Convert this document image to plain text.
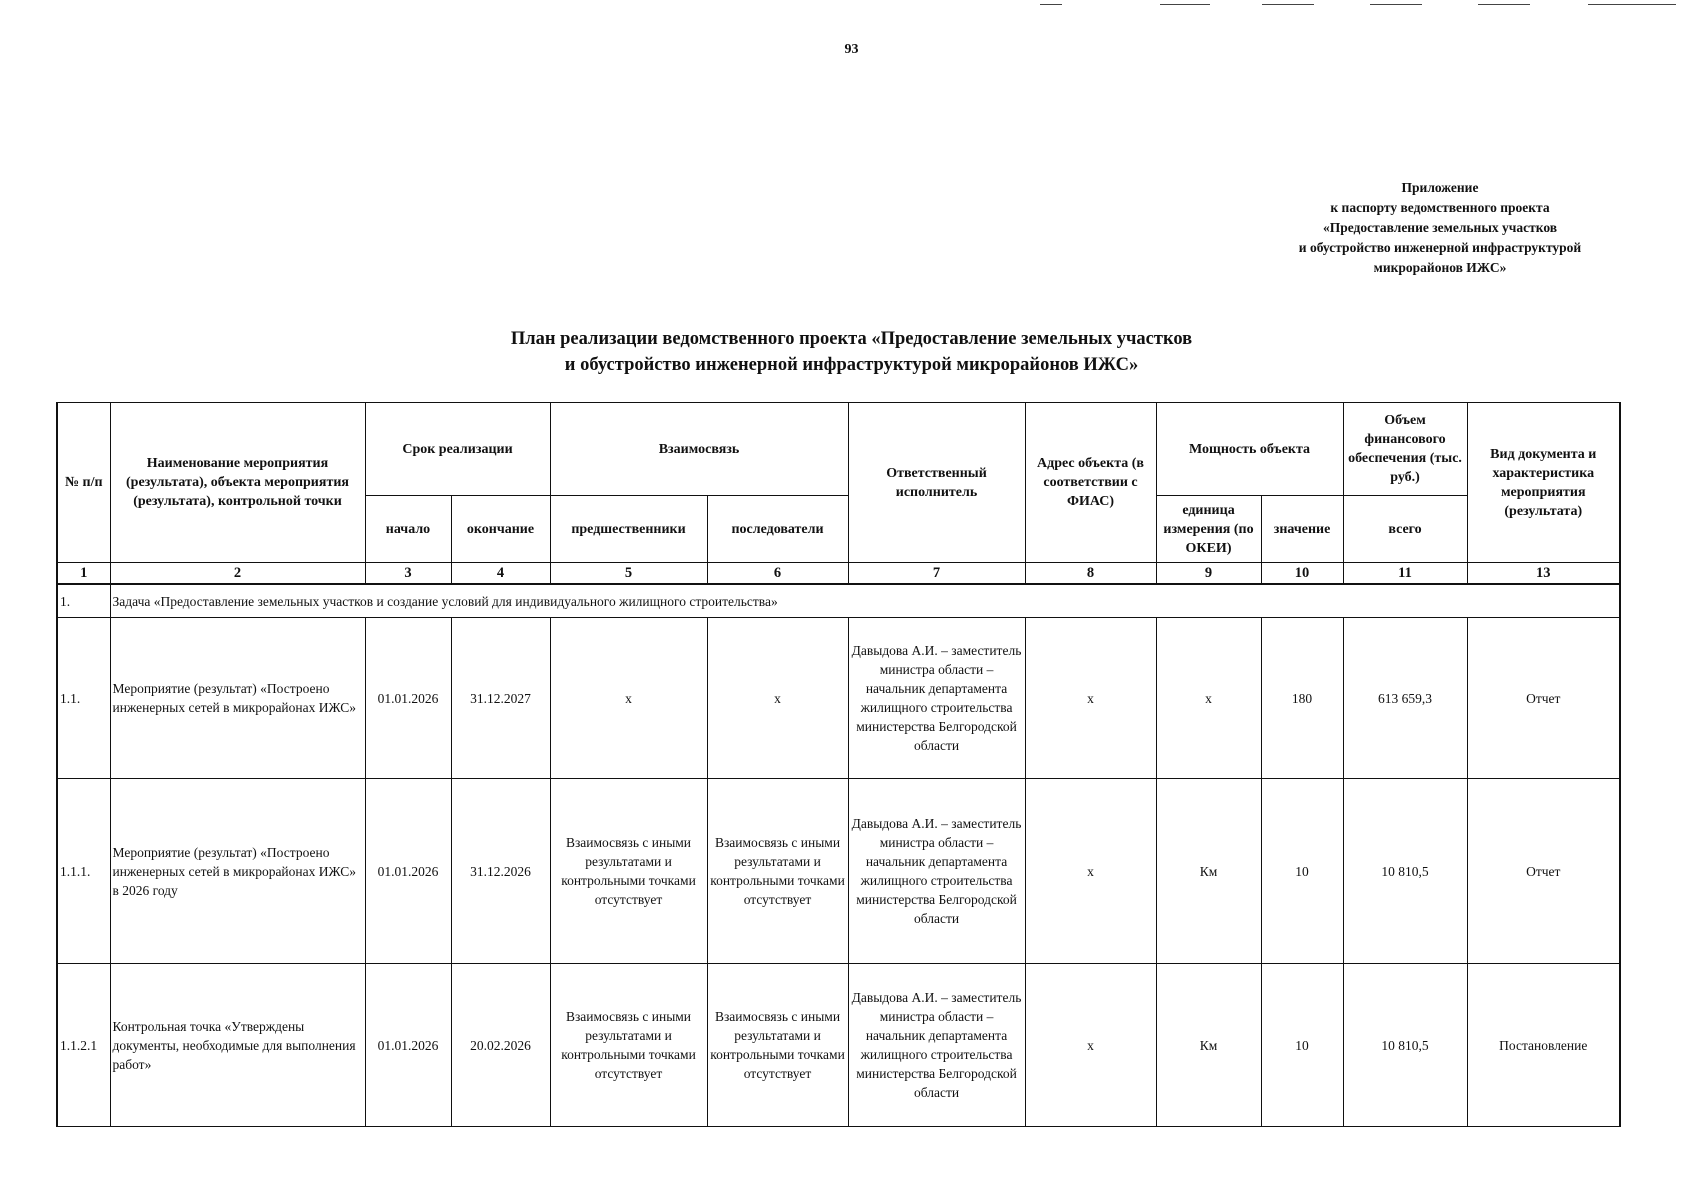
93
Приложение
к паспорту ведомственного проекта
«Предоставление земельных участков
и обустройство инженерной инфраструктурой
микрорайонов ИЖС»
План реализации ведомственного проекта «Предоставление земельных участков
и обустройство инженерной инфраструктурой микрорайонов ИЖС»
№ п/п	Наименование мероприятия (результата), объекта мероприятия (результата), контрольной точки	Срок реализации		Взаимосвязь		Ответственный исполнитель	Адрес объекта (в соответствии с ФИАС)	Мощность объекта		Объем финансового обеспечения (тыс. руб.)	Вид документа и характеристика мероприятия (результата)
		начало	окончание	предшественники	последователи			единица измерения (по ОКЕИ)	значение	всего	
1	2	3	4	5	6	7	8	9	10	11	13
1.	Задача «Предоставление земельных участков и создание условий для индивидуального жилищного строительства»										
1.1.	Мероприятие (результат) «Построено инженерных сетей в микрорайонах ИЖС»	01.01.2026	31.12.2027	x	x	Давыдова А.И. – заместитель министра области – начальник департамента жилищного строительства министерства Белгородской области	x	x	180	613 659,3	Отчет
1.1.1.	Мероприятие (результат) «Построено инженерных сетей в микрорайонах ИЖС» в 2026 году	01.01.2026	31.12.2026	Взаимосвязь с иными результатами и контрольными точками отсутствует	Взаимосвязь с иными результатами и контрольными точками отсутствует	Давыдова А.И. – заместитель министра области – начальник департамента жилищного строительства министерства Белгородской области	x	Км	10	10 810,5	Отчет
1.1.2.1	Контрольная точка «Утверждены документы, необходимые для выполнения работ»	01.01.2026	20.02.2026	Взаимосвязь с иными результатами и контрольными точками отсутствует	Взаимосвязь с иными результатами и контрольными точками отсутствует	Давыдова А.И. – заместитель министра области – начальник департамента жилищного строительства министерства Белгородской области	x	Км	10	10 810,5	Постановление
